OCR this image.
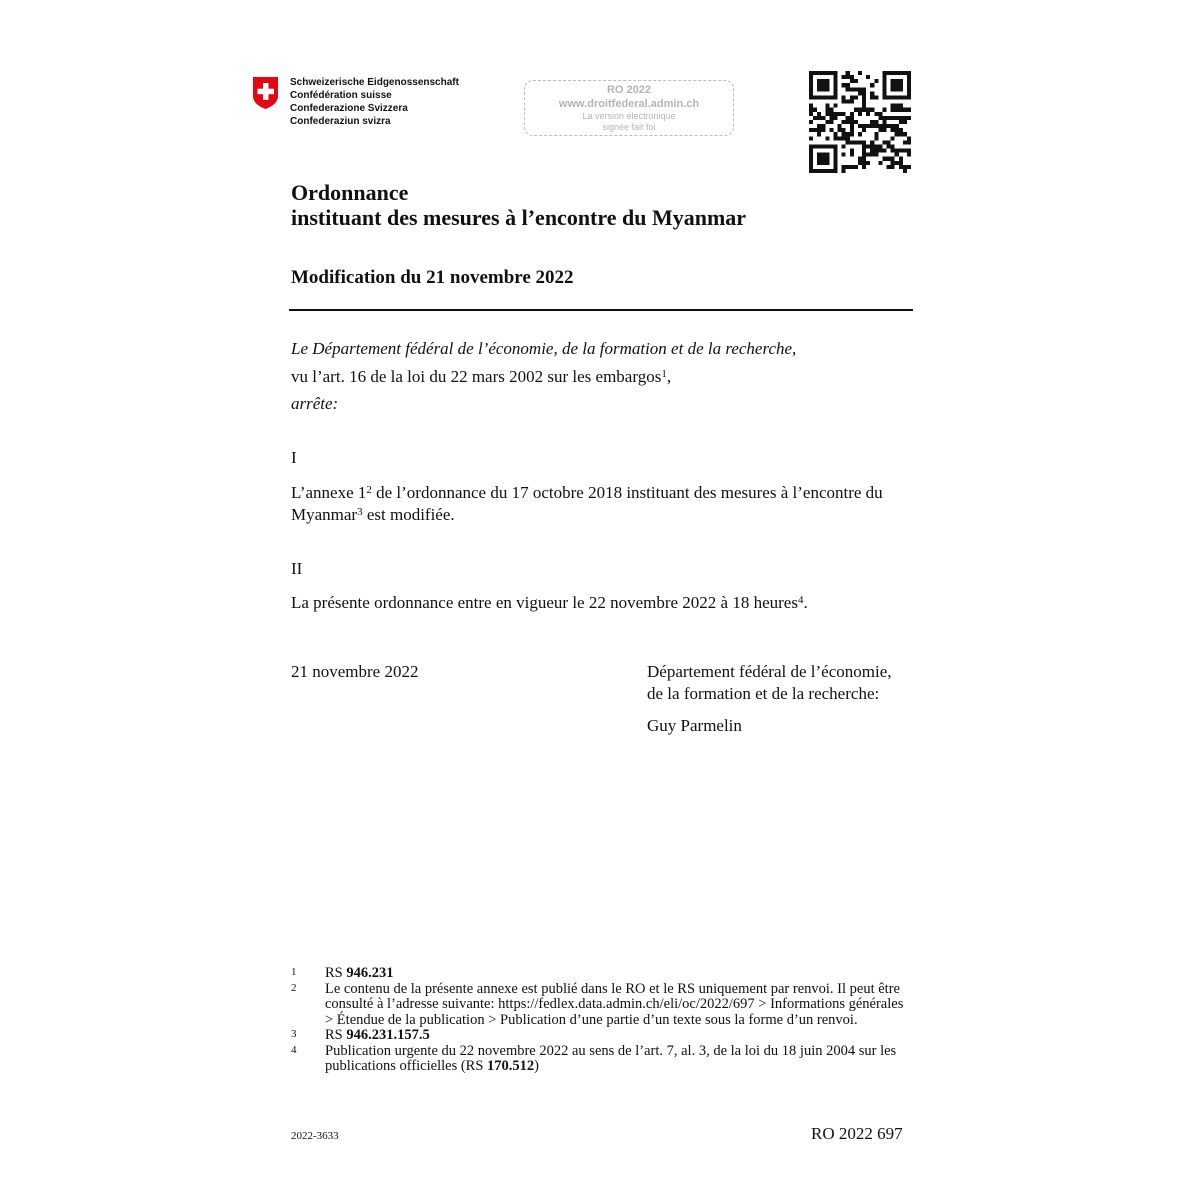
Schweizerische Eidgenossenschaft
Confédération suisse
Confederazione Svizzera
Confederaziun svizra
RO 2022
www.droitfederal.admin.ch
La version électronique
signée fait foi
Ordonnance
instituant des mesures à l’encontre du Myanmar
Modification du 21 novembre 2022
Le Département fédéral de l’économie, de la formation et de la recherche,
vu l’art. 16 de la loi du 22 mars 2002 sur les embargos$^1$,
arrête:
I
L’annexe $1^2$ de l’ordonnance du 17 octobre 2018 instituant des mesures à l’encontre du Myanmar$^3$ est modifiée.
II
La présente ordonnance entre en vigueur le 22 novembre 2022 à 18 heures$^4$.
21 novembre 2022	Département fédéral de l’économie,
de la formation et de la recherche:
Guy Parmelin
1	RS 946.231
2	Le contenu de la présente annexe est publié dans le RO et le RS uniquement par renvoi. Il peut être consulté à l’adresse suivante: https://fedlex.data.admin.ch/eli/oc/2022/697 > Informations générales > Étendue de la publication > Publication d’une partie d’un texte sous la forme d’un renvoi.
3	RS 946.231.157.5
4	Publication urgente du 22 novembre 2022 au sens de l’art. 7, al. 3, de la loi du 18 juin 2004 sur les publications officielles (RS 170.512)
2022-3633	RO 2022 697
